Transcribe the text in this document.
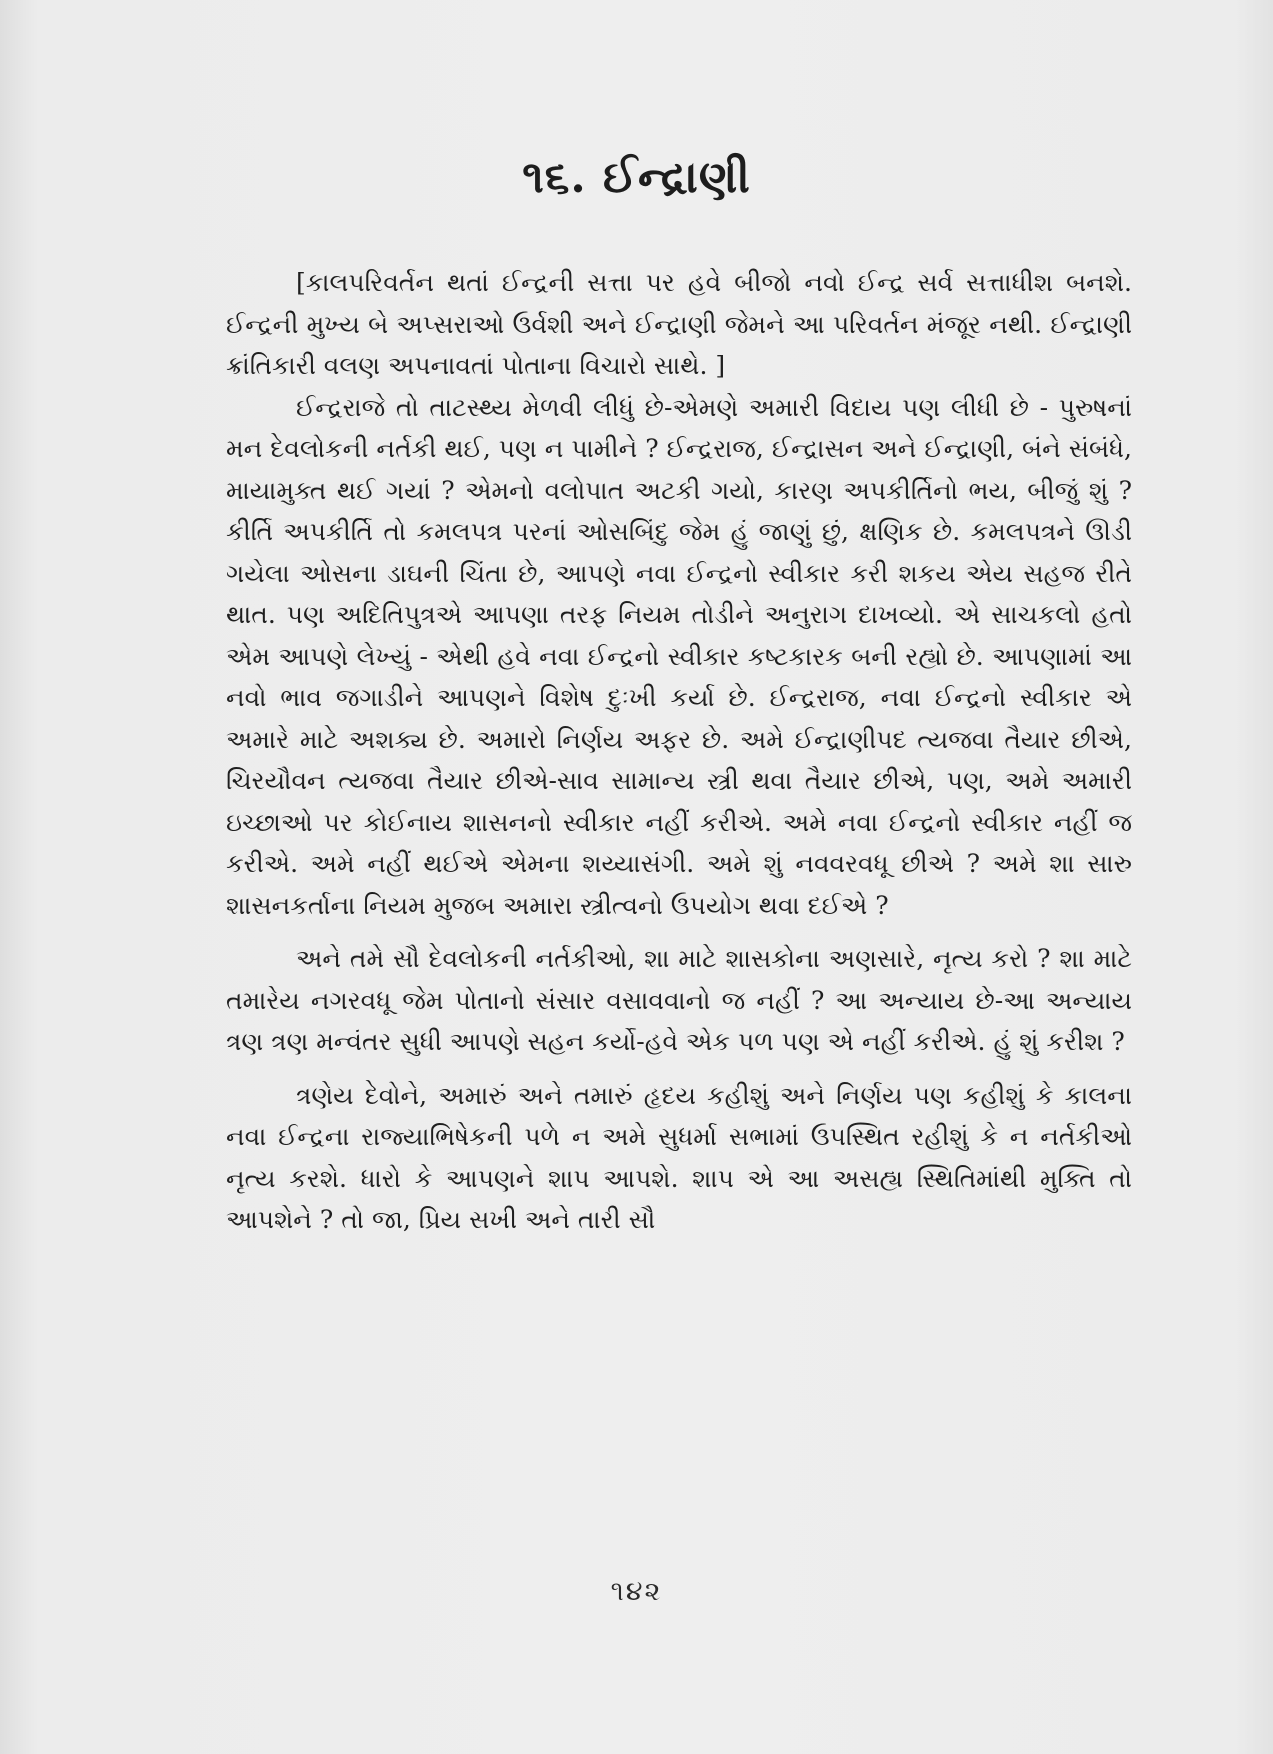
૧૬. ઈન્દ્રાણી

[કાલપરિવર્તન થતાં ઈન્દ્રની સત્તા પર હવે બીજો નવો ઈન્દ્ર સર્વ સત્તાધીશ બનશે. ઈન્દ્રની મુખ્ય બે અપ્સરાઓ ઉર્વશી અને ઈન્દ્રાણી જેમને આ પરિવર્તન મંજૂર નથી. ઈન્દ્રાણી ક્રાંતિકારી વલણ અપનાવતાં પોતાના વિચારો સાથે. ]

ઈન્દ્રરાજે તો તાટસ્થ્ય મેળવી લીધું છે-એમણે અમારી વિદાય પણ લીધી છે - પુરુષનાં મન દેવલોકની નર્તકી થઈ, પણ ન પામીને ? ઈન્દ્રરાજ, ઈન્દ્રાસન અને ઈન્દ્રાણી, બંને સંબંધે, માયામુક્ત થઈ ગયાં ? એમનો વલોપાત અટકી ગયો, કારણ અપકીર્તિનો ભય, બીજું શું ?કીર્તિ અપકીર્તિ તો કમલપત્ર પરનાં ઓસબિંદુ જેમ હું જાણું છું, ક્ષણિક છે. કમલપત્રને ઊડી ગયેલા ઓસના ડાઘની ચિંતા છે, આપણે નવા ઈન્દ્રનો સ્વીકાર કરી શકય એય સહજ રીતે થાત. પણ અદિતિપુત્રએ આપણા તરફ નિયમ તોડીને અનુરાગ દાખવ્યો. એ સાચકલો હતો એમ આપણે લેખ્યું - એથી હવે નવા ઈન્દ્રનો સ્વીકાર કષ્ટકારક બની રહ્યો છે. આપણામાં આ નવો ભાવ જગાડીને આપણને વિશેષ દુઃખી કર્યા છે. ઈન્દ્રરાજ, નવા ઈન્દ્રનો સ્વીકાર એ અમારે માટે અશક્ય છે. અમારો નિર્ણય અફર છે. અમે ઈન્દ્રાણીપદ ત્યજવા તૈયાર છીએ, ચિરયૌવન ત્યજવા તૈયાર છીએ-સાવ સામાન્ય સ્ત્રી થવા તૈયાર છીએ, પણ, અમે અમારી ઇચ્છાઓ પર કોઈનાય શાસનનો સ્વીકાર નહીં કરીએ. અમે નવા ઈન્દ્રનો સ્વીકાર નહીં જ કરીએ. અમે નહીં થઈએ એમના શય્યાસંગી. અમે શું નવવરવધૂ છીએ ? અમે શા સારુ શાસનકર્તાના નિયમ મુજબ અમારા સ્ત્રીત્વનો ઉપયોગ થવા દઈએ ?

અને તમે સૌ દેવલોકની નર્તકીઓ, શા માટે શાસકોના અણસારે, નૃત્ય કરો ? શા માટે તમારેય નગરવધૂ જેમ પોતાનો સંસાર વસાવવાનો જ નહીં ? આ અન્યાય છે-આ અન્યાય ત્રણ ત્રણ મન્વંતર સુધી આપણે સહન કર્યો-હવે એક પળ પણ એ નહીં કરીએ. હું શું કરીશ ?

ત્રણેય દેવોને, અમારું અને તમારું હૃદય કહીશું અને નિર્ણય પણ કહીશું કે કાલના નવા ઈન્દ્રના રાજ્યાભિષેકની પળે ન અમે સુધર્મા સભામાં ઉપસ્થિત રહીશું કે ન નર્તકીઓ નૃત્ય કરશે. ધારો કે આપણને શાપ આપશે. શાપ એ આ અસહ્ય સ્થિતિમાંથી મુક્તિ તો આપશેને ? તો જા, પ્રિય સખી અને તારી સૌ

૧૪૨
